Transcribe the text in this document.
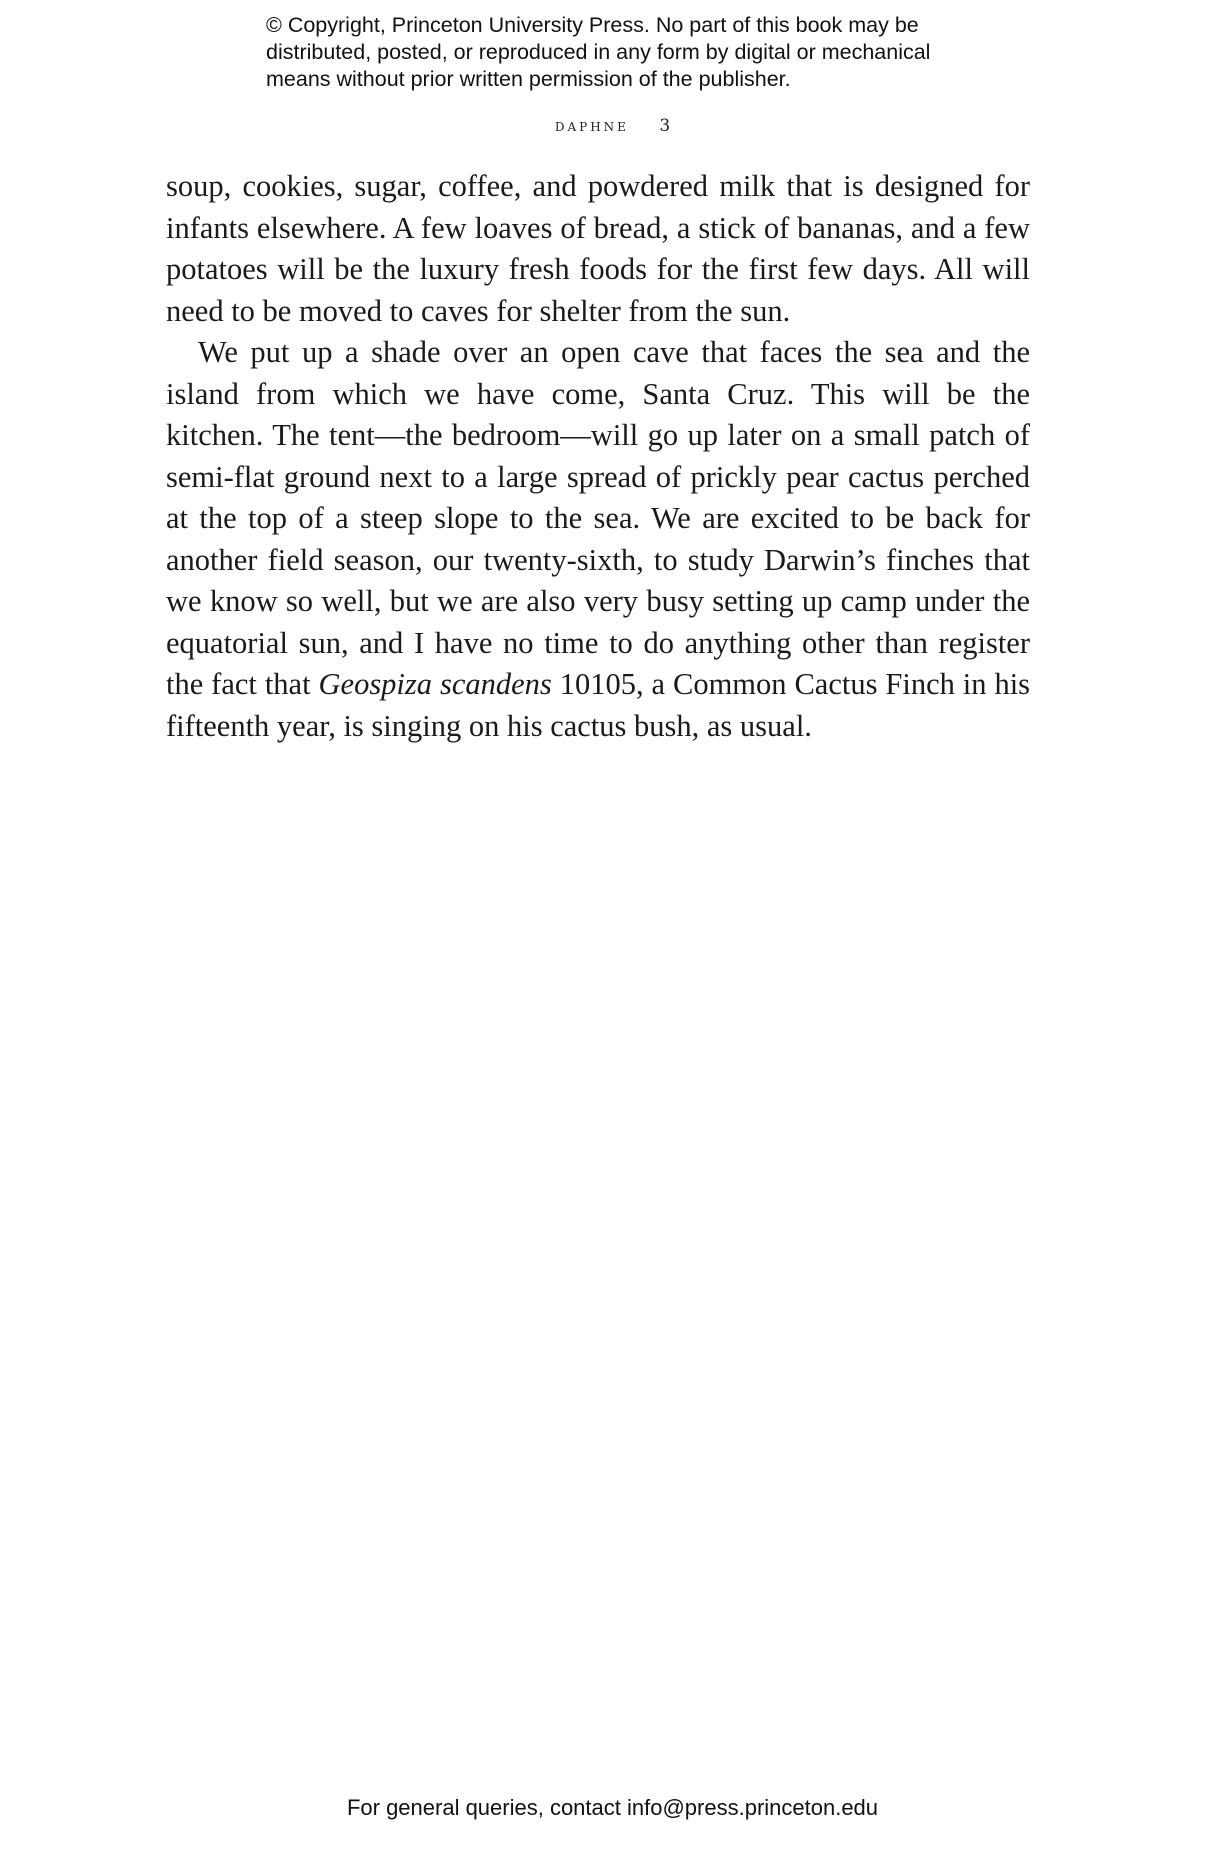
© Copyright, Princeton University Press. No part of this book may be
distributed, posted, or reproduced in any form by digital or mechanical
means without prior written permission of the publisher.
daphne 3

soup, cookies, sugar, coffee, and powdered milk that is designed for infants elsewhere. A few loaves of bread, a stick of bananas, and a few potatoes will be the luxury fresh foods for the first few days. All will need to be moved to caves for shelter from the sun.

We put up a shade over an open cave that faces the sea and the island from which we have come, Santa Cruz. This will be the kitchen. The tent—the bedroom—will go up later on a small patch of semi-flat ground next to a large spread of prickly pear cactus perched at the top of a steep slope to the sea. We are excited to be back for another field season, our twenty-sixth, to study Darwin’s finches that we know so well, but we are also very busy setting up camp under the equatorial sun, and I have no time to do anything other than register the fact that Geospiza scandens 10105, a Common Cactus Finch in his fifteenth year, is singing on his cactus bush, as usual.

For general queries, contact info@press.princeton.edu
